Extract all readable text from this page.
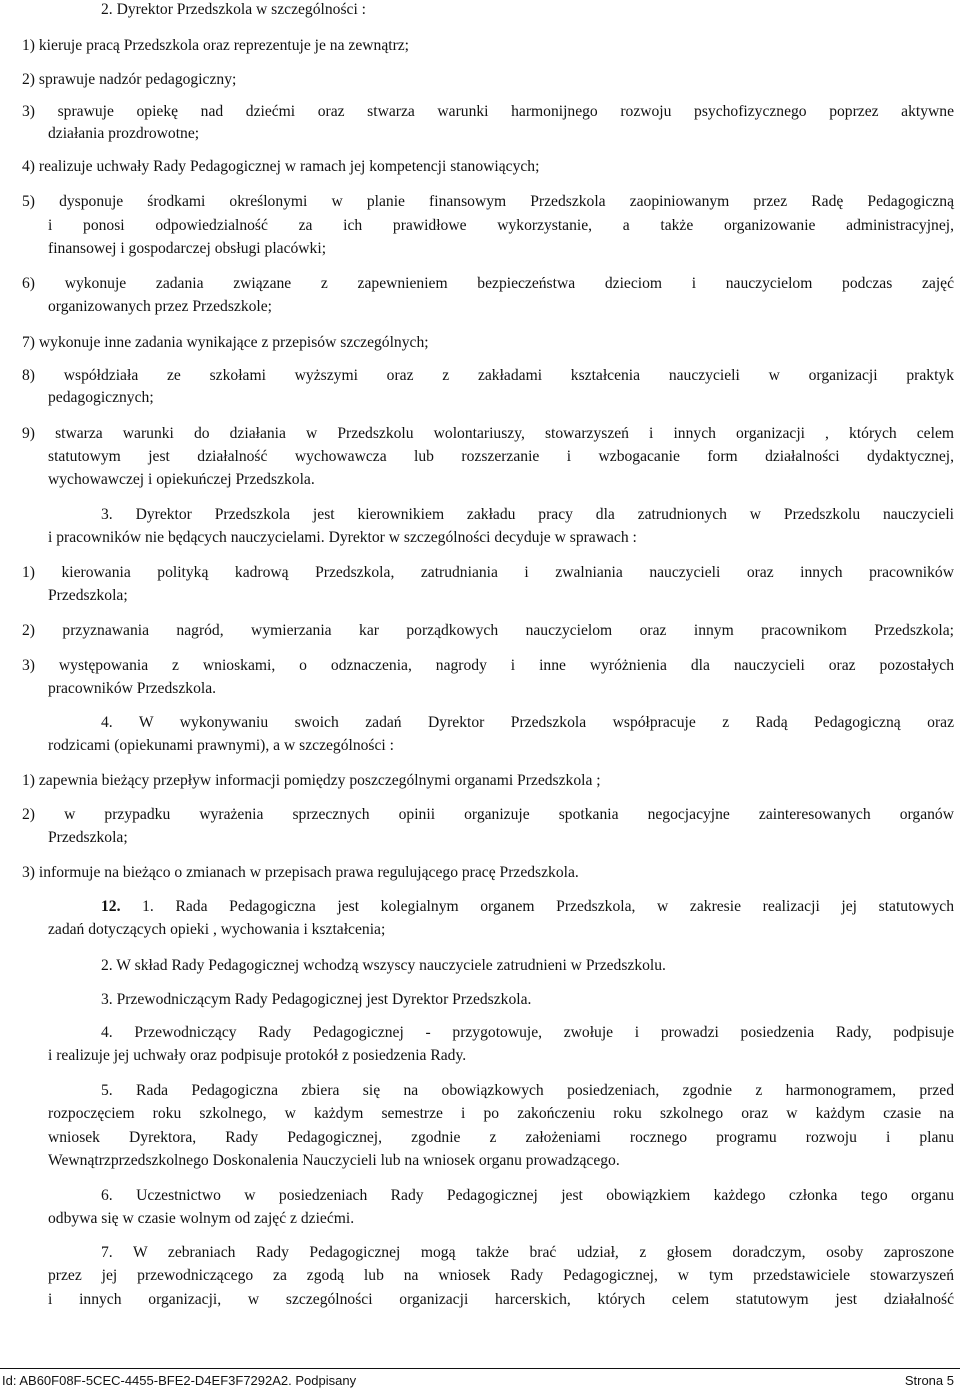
2. Dyrektor Przedszkola w szczególności :
1) kieruje pracą Przedszkola oraz reprezentuje je na zewnątrz;
2) sprawuje nadzór pedagogiczny;
3) sprawuje opiekę nad dziećmi oraz stwarza warunki harmonijnego rozwoju psychofizycznego poprzez aktywne
działania prozdrowotne;
4) realizuje uchwały Rady Pedagogicznej w ramach jej kompetencji stanowiących;
5) dysponuje środkami określonymi w planie finansowym Przedszkola zaopiniowanym przez Radę Pedagogiczną
i ponosi odpowiedzialność za ich prawidłowe wykorzystanie, a także organizowanie administracyjnej,
finansowej i gospodarczej obsługi placówki;
6) wykonuje zadania związane z zapewnieniem bezpieczeństwa dzieciom i nauczycielom podczas zajęć
organizowanych przez Przedszkole;
7) wykonuje inne zadania wynikające z przepisów szczególnych;
8) współdziała ze szkołami wyższymi oraz z zakładami kształcenia nauczycieli w organizacji praktyk
pedagogicznych;
9) stwarza warunki do działania w Przedszkolu wolontariuszy, stowarzyszeń i innych organizacji , których celem
statutowym jest działalność wychowawcza lub rozszerzanie i wzbogacanie form działalności dydaktycznej,
wychowawczej i opiekuńczej Przedszkola.
3. Dyrektor Przedszkola jest kierownikiem zakładu pracy dla zatrudnionych w Przedszkolu nauczycieli
i pracowników nie będących nauczycielami. Dyrektor w szczególności decyduje w sprawach :
1) kierowania polityką kadrową Przedszkola, zatrudniania i zwalniania nauczycieli oraz innych pracowników
Przedszkola;
2) przyznawania nagród, wymierzania kar porządkowych nauczycielom oraz innym pracownikom Przedszkola;
3) występowania z wnioskami, o odznaczenia, nagrody i inne wyróżnienia dla nauczycieli oraz pozostałych
pracowników Przedszkola.
4. W wykonywaniu swoich zadań Dyrektor Przedszkola współpracuje z Radą Pedagogiczną oraz
rodzicami (opiekunami prawnymi), a w szczególności :
1) zapewnia bieżący przepływ informacji pomiędzy poszczególnymi organami Przedszkola ;
2) w przypadku wyrażenia sprzecznych opinii organizuje spotkania negocjacyjne zainteresowanych organów
Przedszkola;
3) informuje na bieżąco o zmianach w przepisach prawa regulującego pracę Przedszkola.
12. 1. Rada Pedagogiczna jest kolegialnym organem Przedszkola, w zakresie realizacji jej statutowych
zadań dotyczących opieki , wychowania i kształcenia;
2. W skład Rady Pedagogicznej wchodzą wszyscy nauczyciele zatrudnieni w Przedszkolu.
3. Przewodniczącym Rady Pedagogicznej jest Dyrektor Przedszkola.
4. Przewodniczący Rady Pedagogicznej - przygotowuje, zwołuje i prowadzi posiedzenia Rady, podpisuje
i realizuje jej uchwały oraz podpisuje protokół z posiedzenia Rady.
5. Rada Pedagogiczna zbiera się na obowiązkowych posiedzeniach, zgodnie z harmonogramem, przed
rozpoczęciem roku szkolnego, w każdym semestrze i po zakończeniu roku szkolnego oraz w każdym czasie na
wniosek Dyrektora, Rady Pedagogicznej, zgodnie z założeniami rocznego programu rozwoju i planu
Wewnątrzprzedszkolnego Doskonalenia Nauczycieli lub na wniosek organu prowadzącego.
6. Uczestnictwo w posiedzeniach Rady Pedagogicznej jest obowiązkiem każdego członka tego organu
odbywa się w czasie wolnym od zajęć z dziećmi.
7. W zebraniach Rady Pedagogicznej mogą także brać udział, z głosem doradczym, osoby zaproszone
przez jej przewodniczącego za zgodą lub na wniosek Rady Pedagogicznej, w tym przedstawiciele stowarzyszeń
i innych organizacji, w szczególności organizacji harcerskich, których celem statutowym jest działalność
Id: AB60F08F-5CEC-4455-BFE2-D4EF3F7292A2. Podpisany	Strona 5
